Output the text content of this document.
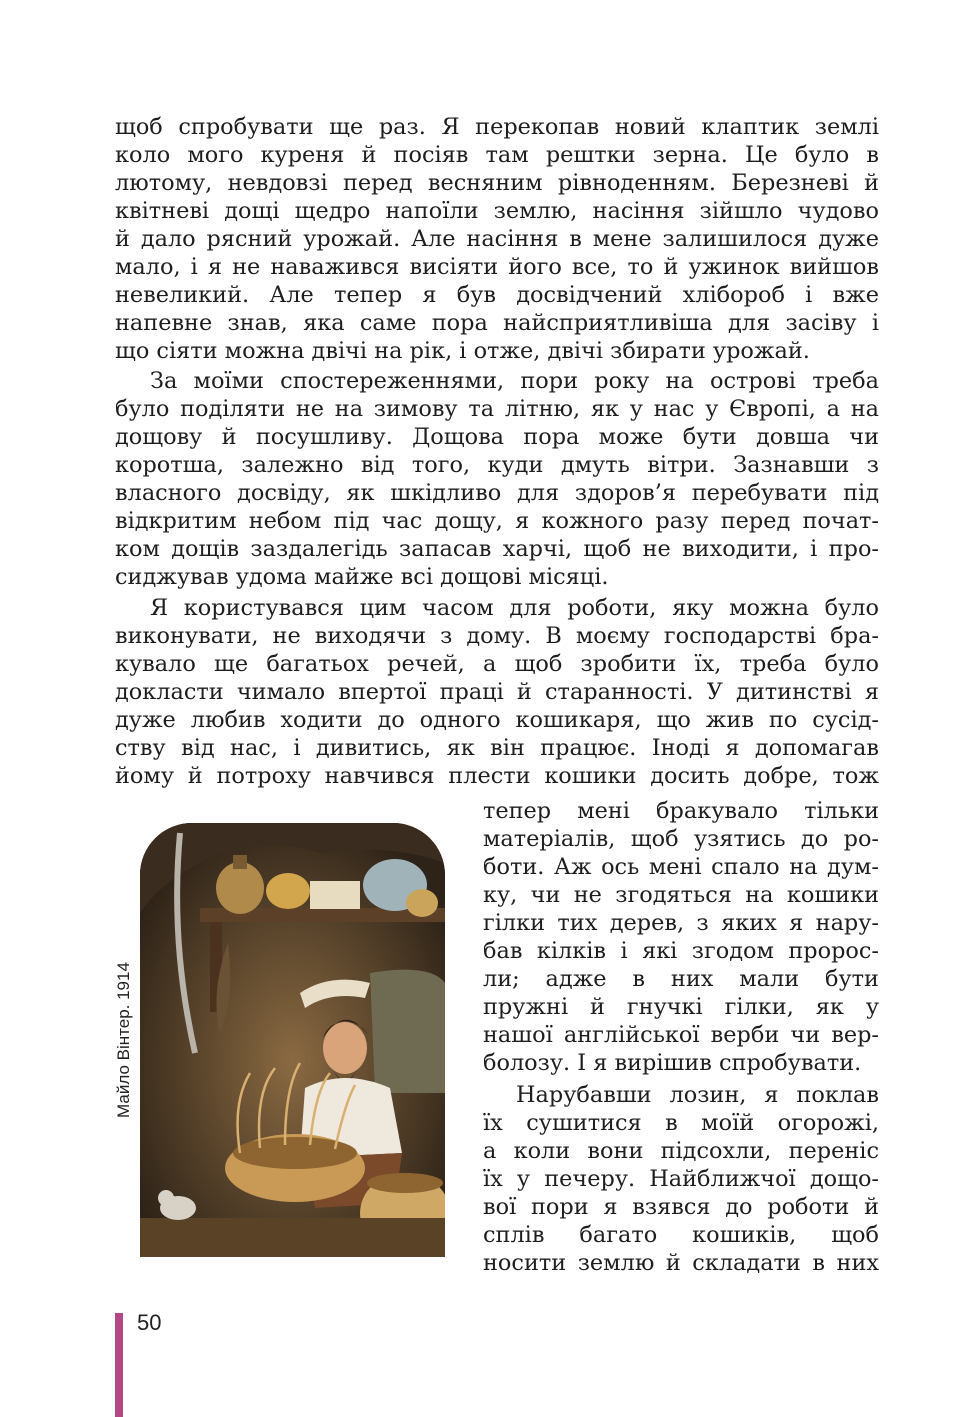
щоб спробувати ще раз. Я перекопав новий клаптик землі

коло мого куреня й посіяв там рештки зерна. Це було в

лютому, невдовзі перед весняним рівноденням. Березневі й

квітневі дощі щедро напоїли землю, насіння зійшло чудово

й дало рясний урожай. Але насіння в мене залишилося дуже

мало, і я не наважився висіяти його все, то й ужинок вийшов

невеликий. Але тепер я був досвідчений хлібороб і вже

напевне знав, яка саме пора найсприятливіша для засіву і

що сіяти можна двічі на рік, і отже, двічі збирати урожай.

За моїми спостереженнями, пори року на острові треба

було поділяти не на зимову та літню, як у нас у Європі, а на

дощову й посушливу. Дощова пора може бути довша чи

коротша, залежно від того, куди дмуть вітри. Зазнавши з

власного досвіду, як шкідливо для здоров’я перебувати під

відкритим небом під час дощу, я кожного разу перед почат-

ком дощів заздалегідь запасав харчі, щоб не виходити, і про-

сиджував удома майже всі дощові місяці.

Я користувався цим часом для роботи, яку можна було

виконувати, не виходячи з дому. В моєму господарстві бра-

кувало ще багатьох речей, а щоб зробити їх, треба було

докласти чимало впертої праці й старанності. У дитинстві я

дуже любив ходити до одного кошикаря, що жив по сусід-

ству від нас, і дивитись, як він працює. Іноді я допомагав

йому й потроху навчився плести кошики досить добре, тож

тепер мені бракувало тільки

матеріалів, щоб узятись до ро-

боти. Аж ось мені спало на дум-

ку, чи не згодяться на кошики

гілки тих дерев, з яких я нару-

бав кілків і які згодом пророс-

ли; адже в них мали бути

пружні й гнучкі гілки, як у

нашої англійської верби чи вер-

болозу. І я вирішив спробувати.

Нарубавши лозин, я поклав

їх сушитися в моїй огорожі,

а коли вони підсохли, переніс

їх у печеру. Найближчої дощо-

вої пори я взявся до роботи й

сплів багато кошиків, щоб

носити землю й складати в них

Майло Вінтер. 1914
50
